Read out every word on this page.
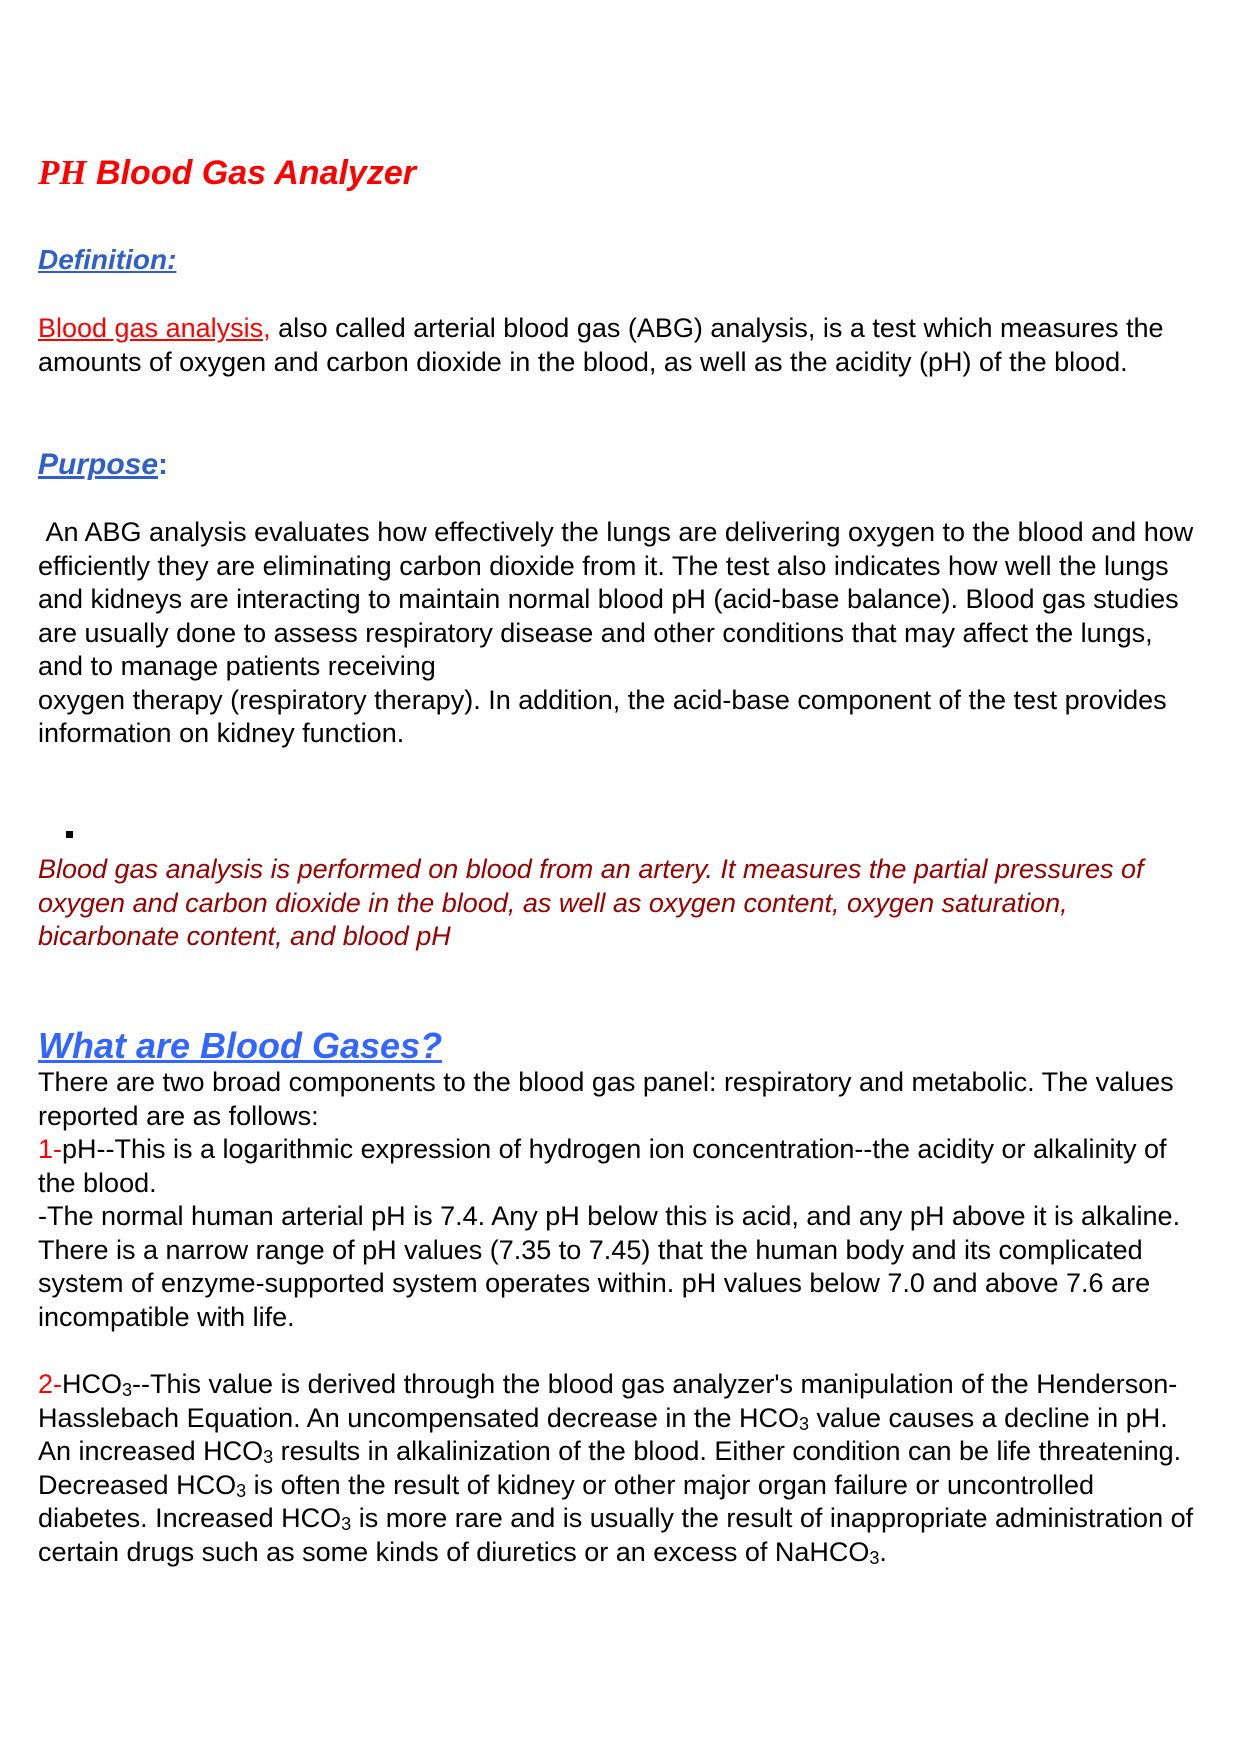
PH Blood Gas Analyzer
Definition:
Blood gas analysis, also called arterial blood gas (ABG) analysis, is a test which measures the amounts of oxygen and carbon dioxide in the blood, as well as the acidity (pH) of the blood.
Purpose:
An ABG analysis evaluates how effectively the lungs are delivering oxygen to the blood and how efficiently they are eliminating carbon dioxide from it. The test also indicates how well the lungs and kidneys are interacting to maintain normal blood pH (acid-base balance). Blood gas studies are usually done to assess respiratory disease and other conditions that may affect the lungs, and to manage patients receiving
oxygen therapy (respiratory therapy). In addition, the acid-base component of the test provides information on kidney function.
Blood gas analysis is performed on blood from an artery. It measures the partial pressures of oxygen and carbon dioxide in the blood, as well as oxygen content, oxygen saturation, bicarbonate content, and blood pH
What are Blood Gases?
There are two broad components to the blood gas panel: respiratory and metabolic. The values reported are as follows:
1-pH--This is a logarithmic expression of hydrogen ion concentration--the acidity or alkalinity of the blood.
-The normal human arterial pH is 7.4. Any pH below this is acid, and any pH above it is alkaline. There is a narrow range of pH values (7.35 to 7.45) that the human body and its complicated system of enzyme-supported system operates within. pH values below 7.0 and above 7.6 are incompatible with life.
$2-HCO_3-$-This value is derived through the blood gas analyzer's manipulation of the Henderson-Hasslebach Equation. An uncompensated decrease in the $HCO_3$ value causes a decline in pH. An increased $HCO_3$ results in alkalinization of the blood. Either condition can be life threatening. Decreased $HCO_3$ is often the result of kidney or other major organ failure or uncontrolled diabetes. Increased $HCO_3$ is more rare and is usually the result of inappropriate administration of certain drugs such as some kinds of diuretics or an excess of NaHCO$_3$.
